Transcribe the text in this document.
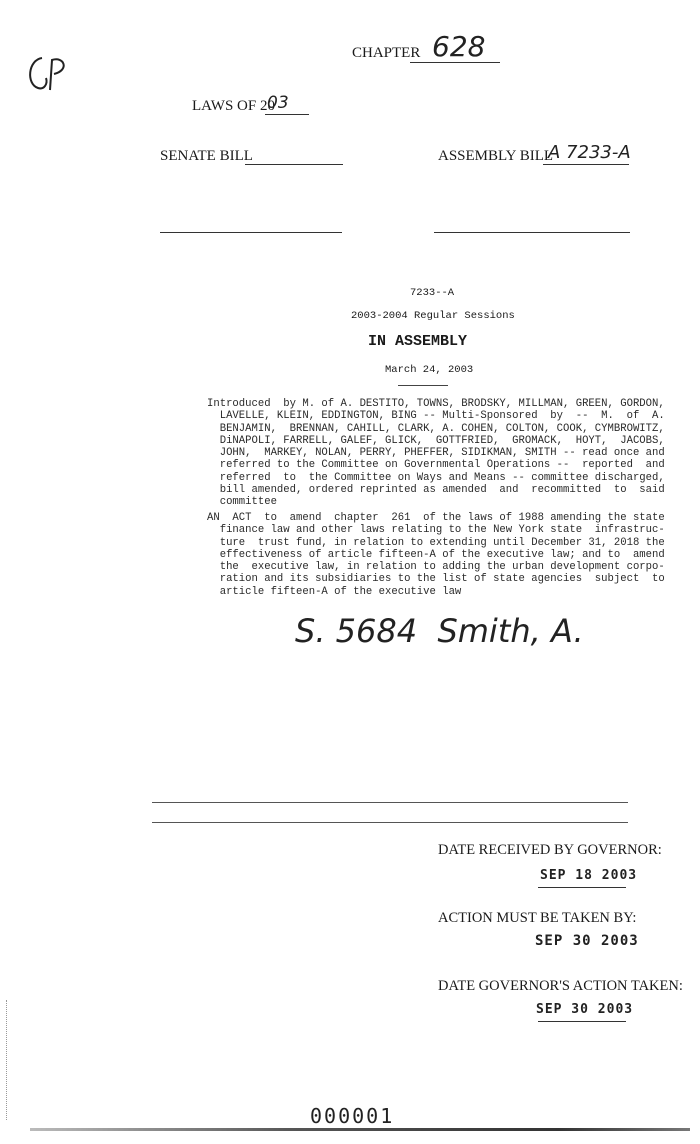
CHAPTER 628
LAWS OF 20
03
SENATE BILL	ASSEMBLY BILL
A 7233-A
7233--A
2003-2004 Regular Sessions
IN ASSEMBLY
March 24, 2003
Introduced  by M. of A. DESTITO, TOWNS, BRODSKY, MILLMAN, GREEN, GORDON,
LAVELLE, KLEIN, EDDINGTON, BING -- Multi-Sponsored  by  --  M.  of  A.
BENJAMIN,  BRENNAN, CAHILL, CLARK, A. COHEN, COLTON, COOK, CYMBROWITZ,
DiNAPOLI, FARRELL, GALEF, GLICK,  GOTTFRIED,  GROMACK,  HOYT,  JACOBS,
JOHN,  MARKEY, NOLAN, PERRY, PHEFFER, SIDIKMAN, SMITH -- read once and
referred to the Committee on Governmental Operations --  reported  and
referred  to  the Committee on Ways and Means -- committee discharged,
bill amended, ordered reprinted as amended  and  recommitted  to  said
committee
AN  ACT  to  amend  chapter  261  of the laws of 1988 amending the state
finance law and other laws relating to the New York state  infrastruc-
ture  trust fund, in relation to extending until December 31, 2018 the
effectiveness of article fifteen-A of the executive law; and to  amend
the  executive law, in relation to adding the urban development corpo-
ration and its subsidiaries to the list of state agencies  subject  to
article fifteen-A of the executive law
S. 5684  Smith, A.
DATE RECEIVED BY GOVERNOR:
SEP 18 2003
ACTION MUST BE TAKEN BY:
SEP 30 2003
DATE GOVERNOR'S ACTION TAKEN:
SEP 30 2003
000001
